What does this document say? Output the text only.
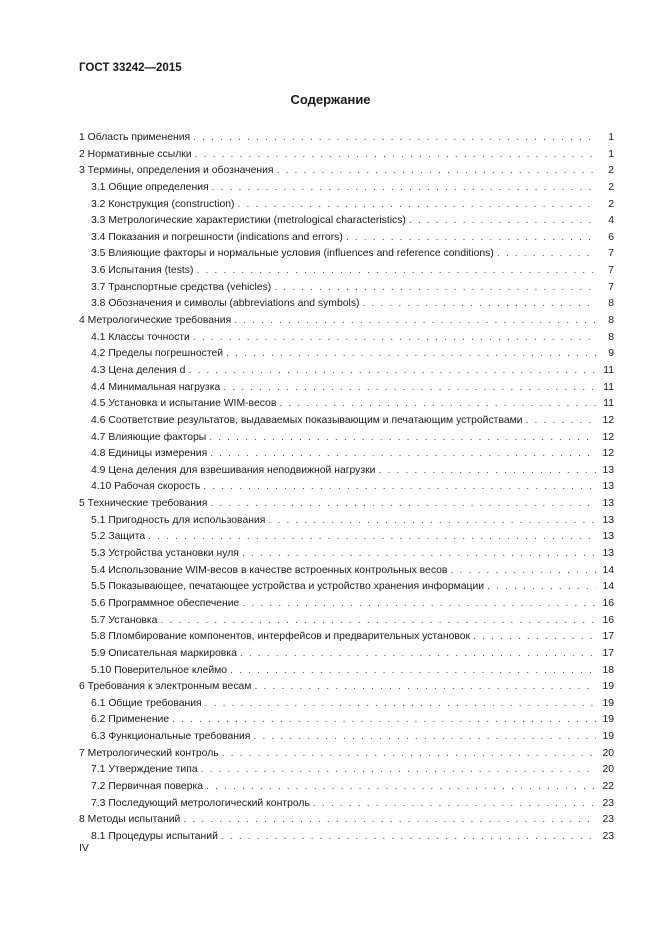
ГОСТ 33242—2015
Содержание
1 Область применения . . .	1
2 Нормативные ссылки . . .	1
3 Термины, определения и обозначения . . .	2
3.1 Общие определения . . .	2
3.2 Конструкция (construction) . . .	2
3.3 Метрологические характеристики (metrological characteristics) . . .	4
3.4 Показания и погрешности (indications and errors) . . .	6
3.5 Влияющие факторы и нормальные условия (influences and reference conditions) . . .	7
3.6 Испытания (tests) . . .	7
3.7 Транспортные средства (vehicles) . . .	7
3.8 Обозначения и символы (abbreviations and symbols) . . .	8
4 Метрологические требования . . .	8
4.1 Классы точности . . .	8
4.2 Пределы погрешностей . . .	9
4.3 Цена деления d . . .	11
4.4 Минимальная нагрузка . . .	11
4.5 Установка и испытание WIM-весов . . .	11
4.6 Соответствие результатов, выдаваемых показывающим и печатающим устройствами . . .	12
4.7 Влияющие факторы . . .	12
4.8 Единицы измерения . . .	12
4.9 Цена деления для взвешивания неподвижной нагрузки . . .	13
4.10 Рабочая скорость . . .	13
5 Технические требования . . .	13
5.1 Пригодность для использования . . .	13
5.2 Защита . . .	13
5.3 Устройства установки нуля . . .	13
5.4 Использование WIM-весов в качестве встроенных контрольных весов . . .	14
5.5 Показывающее, печатающее устройства и устройство хранения информации . . .	14
5.6 Программное обеспечение . . .	16
5.7 Установка . . .	16
5.8 Пломбирование компонентов, интерфейсов и предварительных установок . . .	17
5.9 Описательная маркировка . . .	17
5.10 Поверительное клеймо . . .	18
6 Требования к электронным весам . . .	19
6.1 Общие требования . . .	19
6.2 Применение . . .	19
6.3 Функциональные требования . . .	19
7 Метрологический контроль . . .	20
7.1 Утверждение типа . . .	20
7.2 Первичная поверка . . .	22
7.3 Последующий метрологический контроль . . .	23
8 Методы испытаний . . .	23
8.1 Процедуры испытаний . . .	23
IV
